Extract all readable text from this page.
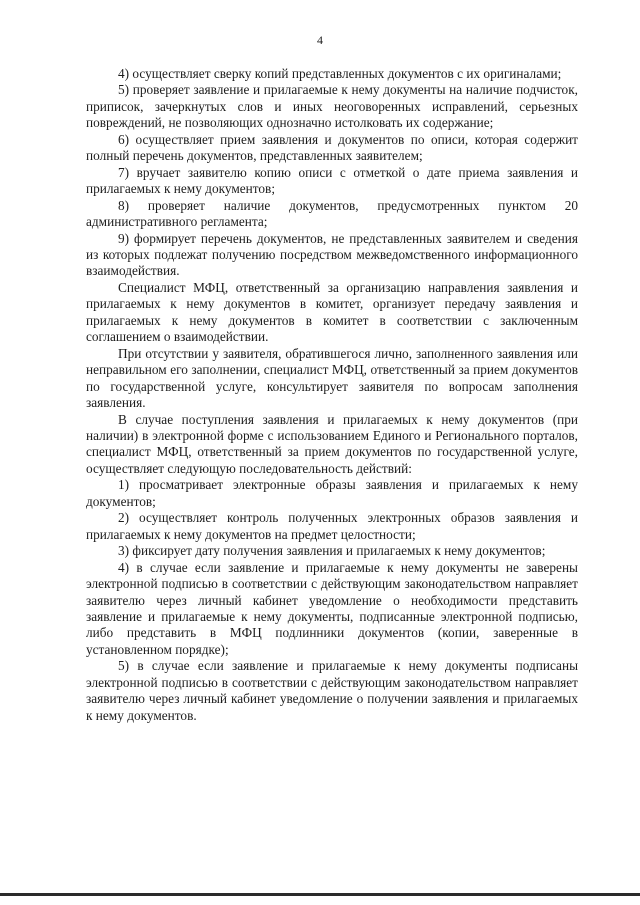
4

4) осуществляет сверку копий представленных документов с их оригиналами;

5) проверяет заявление и прилагаемые к нему документы на наличие подчисток, приписок, зачеркнутых слов и иных неоговоренных исправлений, серьезных повреждений, не позволяющих однозначно истолковать их содержание;

6) осуществляет прием заявления и документов по описи, которая содержит полный перечень документов, представленных заявителем;

7) вручает заявителю копию описи с отметкой о дате приема заявления и прилагаемых к нему документов;

8) проверяет наличие документов, предусмотренных пунктом 20 административного регламента;

9) формирует перечень документов, не представленных заявителем и сведения из которых подлежат получению посредством межведомственного информационного взаимодействия.

Специалист МФЦ, ответственный за организацию направления заявления и прилагаемых к нему документов в комитет, организует передачу заявления и прилагаемых к нему документов в комитет в соответствии с заключенным соглашением о взаимодействии.

При отсутствии у заявителя, обратившегося лично, заполненного заявления или неправильном его заполнении, специалист МФЦ, ответственный за прием документов по государственной услуге, консультирует заявителя по вопросам заполнения заявления.

В случае поступления заявления и прилагаемых к нему документов (при наличии) в электронной форме с использованием Единого и Регионального порталов, специалист МФЦ, ответственный за прием документов по государственной услуге, осуществляет следующую последовательность действий:

1) просматривает электронные образы заявления и прилагаемых к нему документов;

2) осуществляет контроль полученных электронных образов заявления и прилагаемых к нему документов на предмет целостности;

3) фиксирует дату получения заявления и прилагаемых к нему документов;

4) в случае если заявление и прилагаемые к нему документы не заверены электронной подписью в соответствии с действующим законодательством направляет заявителю через личный кабинет уведомление о необходимости представить заявление и прилагаемые к нему документы, подписанные электронной подписью, либо представить в МФЦ подлинники документов (копии, заверенные в установленном порядке);

5) в случае если заявление и прилагаемые к нему документы подписаны электронной подписью в соответствии с действующим законодательством направляет заявителю через личный кабинет уведомление о получении заявления и прилагаемых к нему документов.
